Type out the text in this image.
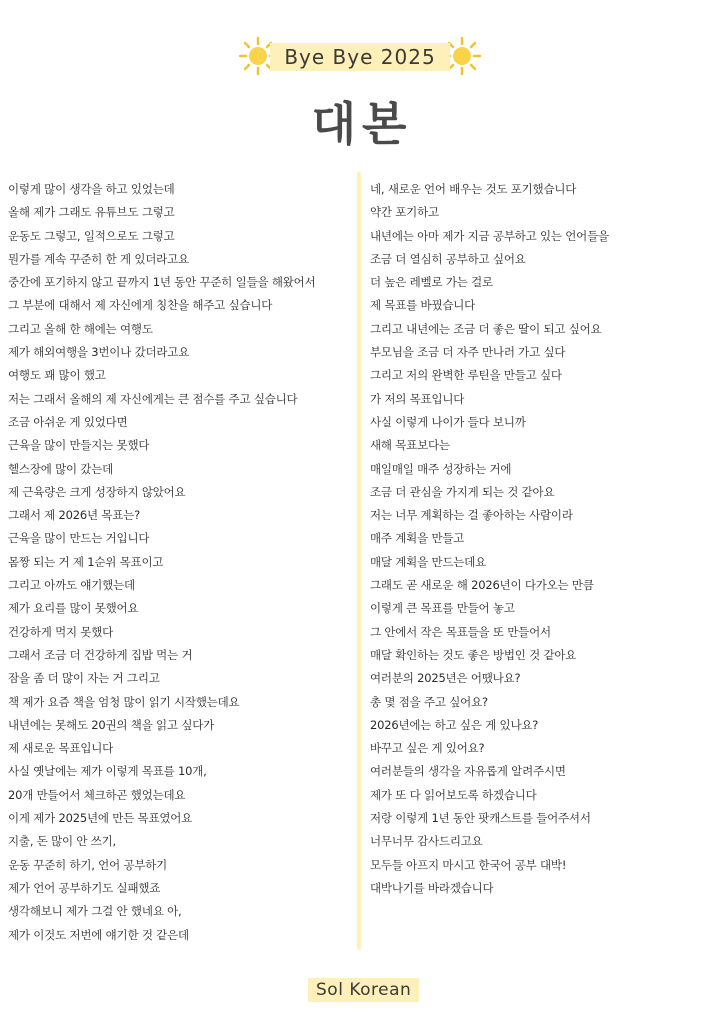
Bye Bye 2025
대본
이렇게 많이 생각을 하고 있었는데
올해 제가 그래도 유튜브도 그렇고
운동도 그렇고, 일적으로도 그렇고
뭔가를 계속 꾸준히 한 게 있더라고요
중간에 포기하지 않고 끝까지 1년 동안 꾸준히 일들을 해왔어서
그 부분에 대해서 제 자신에게 칭찬을 해주고 싶습니다
그리고 올해 한 해에는 여행도
제가 해외여행을 3번이나 갔더라고요
여행도 꽤 많이 했고
저는 그래서 올해의 제 자신에게는 큰 점수를 주고 싶습니다
조금 아쉬운 게 있었다면
근육을 많이 만들지는 못했다
헬스장에 많이 갔는데
제 근육량은 크게 성장하지 않았어요
그래서 제 2026년 목표는?
근육을 많이 만드는 거입니다
몸짱 되는 거 제 1순위 목표이고
그리고 아까도 얘기했는데
제가 요리를 많이 못했어요
건강하게 먹지 못했다
그래서 조금 더 건강하게 집밥 먹는 거
잠을 좀 더 많이 자는 거 그리고
책 제가 요즘 책을 엄청 많이 읽기 시작했는데요
내년에는 못해도 20권의 책을 읽고 싶다가
제 새로운 목표입니다
사실 옛날에는 제가 이렇게 목표를 10개,
20개 만들어서 체크하곤 했었는데요
이게 제가 2025년에 만든 목표였어요
지출, 돈 많이 안 쓰기,
운동 꾸준히 하기, 언어 공부하기
제가 언어 공부하기도 실패했죠
생각해보니 제가 그걸 안 했네요 아,
제가 이것도 저번에 얘기한 것 같은데
네, 새로운 언어 배우는 것도 포기했습니다
약간 포기하고
내년에는 아마 제가 지금 공부하고 있는 언어들을
조금 더 열심히 공부하고 싶어요
더 높은 레벨로 가는 걸로
제 목표를 바꿨습니다
그리고 내년에는 조금 더 좋은 딸이 되고 싶어요
부모님을 조금 더 자주 만나러 가고 싶다
그리고 저의 완벽한 루틴을 만들고 싶다
가 저의 목표입니다
사실 이렇게 나이가 들다 보니까
새해 목표보다는
매일매일 매주 성장하는 거에
조금 더 관심을 가지게 되는 것 같아요
저는 너무 계획하는 걸 좋아하는 사람이라
매주 계획을 만들고
매달 계획을 만드는데요
그래도 곧 새로운 해 2026년이 다가오는 만큼
이렇게 큰 목표를 만들어 놓고
그 안에서 작은 목표들을 또 만들어서
매달 확인하는 것도 좋은 방법인 것 같아요
여러분의 2025년은 어땠나요?
총 몇 점을 주고 싶어요?
2026년에는 하고 싶은 게 있나요?
바꾸고 싶은 게 있어요?
여러분들의 생각을 자유롭게 알려주시면
제가 또 다 읽어보도록 하겠습니다
저랑 이렇게 1년 동안 팟캐스트를 들어주셔서
너무너무 감사드리고요
모두들 아프지 마시고 한국어 공부 대박!
대박나기를 바라겠습니다
Sol Korean
